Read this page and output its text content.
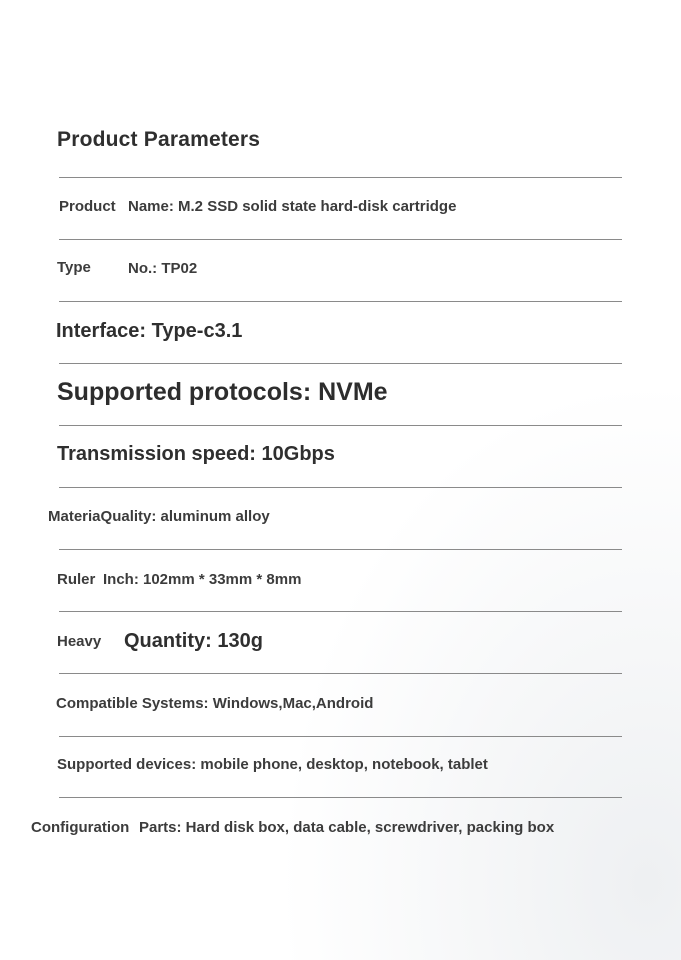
Product Parameters
Product Name: M.2 SSD solid state hard-disk cartridge
Type No.: TP02
Interface: Type-c3.1
Supported protocols: NVMe
Transmission speed: 10Gbps
MateriaQuality: aluminum alloy
Ruler Inch: 102mm * 33mm * 8mm
Heavy Quantity: 130g
Compatible Systems: Windows,Mac,Android
Supported devices: mobile phone, desktop, notebook, tablet
Configuration Parts: Hard disk box, data cable, screwdriver, packing box
